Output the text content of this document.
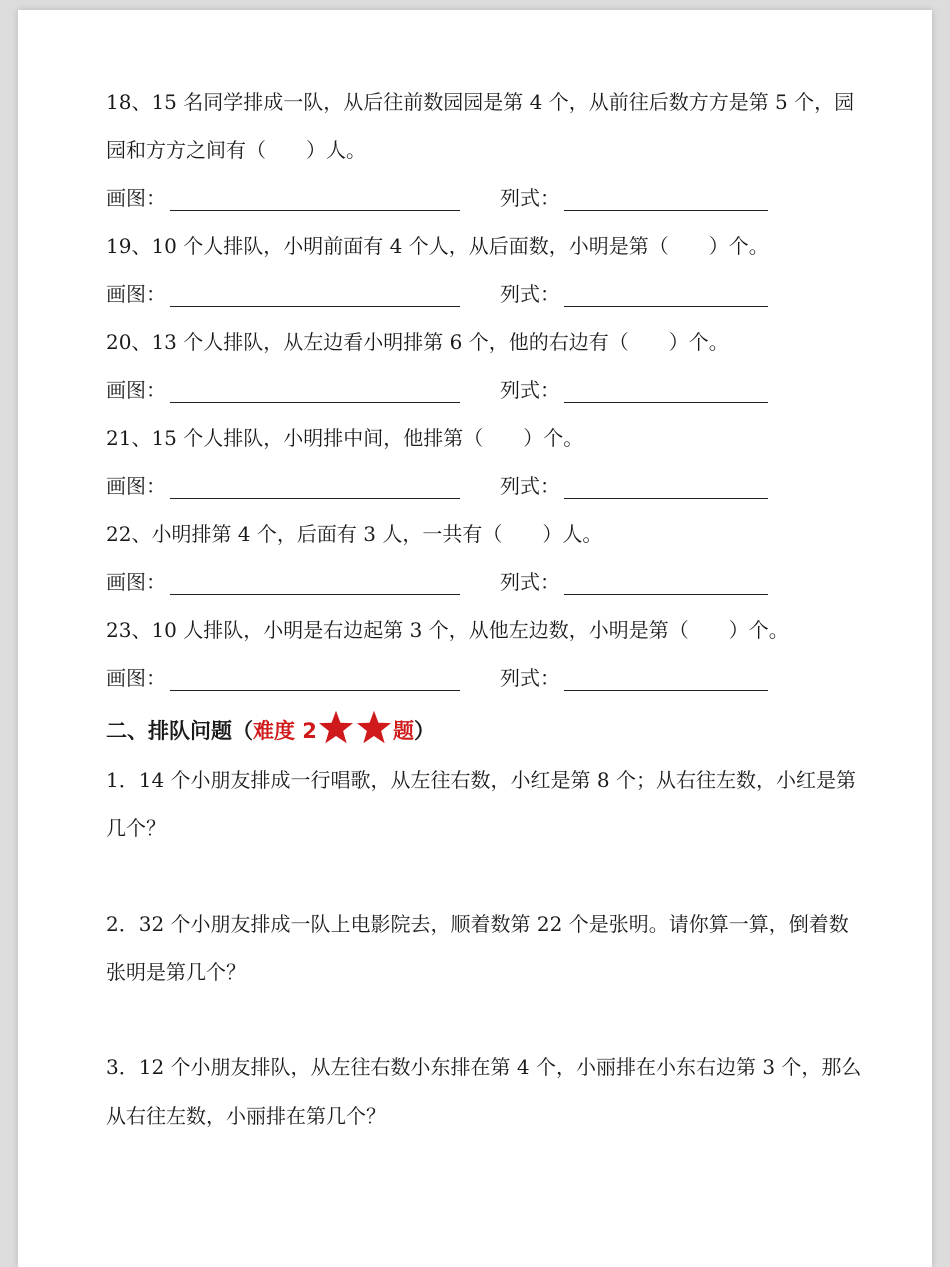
18、15 名同学排成一队，从后往前数园园是第 4 个，从前往后数方方是第 5 个，园
园和方方之间有（　　）人。
画图：	列式：
19、10 个人排队，小明前面有 4 个人，从后面数，小明是第（　　）个。
画图：	列式：
20、13 个人排队，从左边看小明排第 6 个，他的右边有（　　）个。
画图：	列式：
21、15 个人排队，小明排中间，他排第（　　）个。
画图：	列式：
22、小明排第 4 个，后面有 3 人，一共有（　　）人。
画图：	列式：
23、10 人排队，小明是右边起第 3 个，从他左边数，小明是第（　　）个。
画图：	列式：
二、排队问题（难度 2	题）
1．14 个小朋友排成一行唱歌，从左往右数，小红是第 8 个；从右往左数，小红是第
几个？
2．32 个小朋友排成一队上电影院去，顺着数第 22 个是张明。请你算一算，倒着数
张明是第几个？
3．12 个小朋友排队，从左往右数小东排在第 4 个，小丽排在小东右边第 3 个，那么
从右往左数，小丽排在第几个？
